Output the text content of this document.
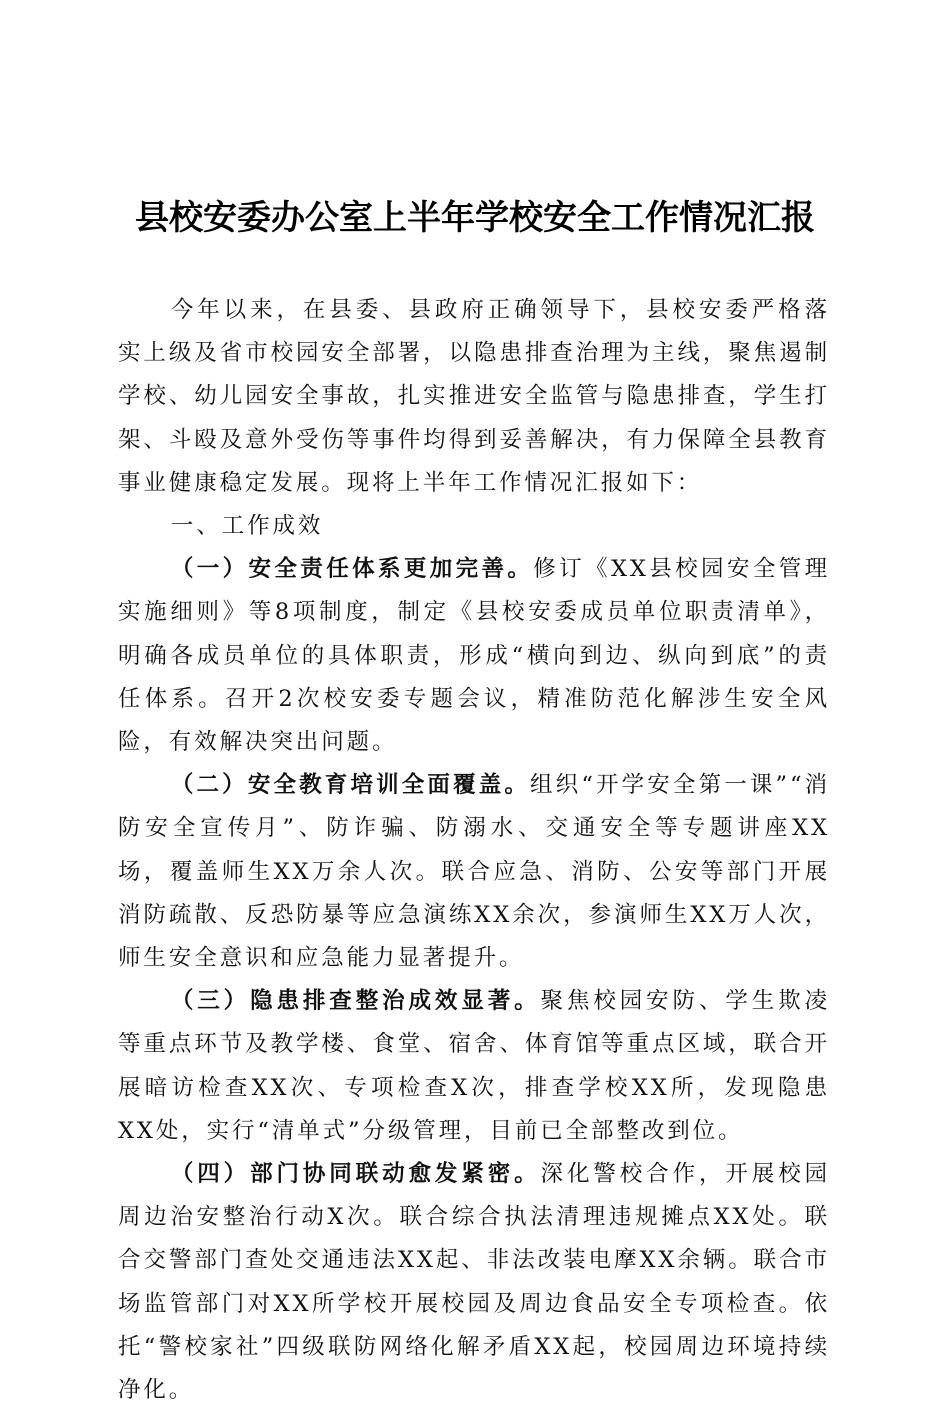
县校安委办公室上半年学校安全工作情况汇报

今年以来，在县委、县政府正确领导下，县校安委严格落实上级及省市校园安全部署，以隐患排查治理为主线，聚焦遏制学校、幼儿园安全事故，扎实推进安全监管与隐患排查，学生打架、斗殴及意外受伤等事件均得到妥善解决，有力保障全县教育事业健康稳定发展。现将上半年工作情况汇报如下：

一、工作成效

（一）安全责任体系更加完善。修订《XX县校园安全管理实施细则》等8项制度，制定《县校安委成员单位职责清单》，明确各成员单位的具体职责，形成“横向到边、纵向到底”的责任体系。召开2次校安委专题会议，精准防范化解涉生安全风险，有效解决突出问题。

（二）安全教育培训全面覆盖。组织“开学安全第一课”“消防安全宣传月”、防诈骗、防溺水、交通安全等专题讲座XX场，覆盖师生XX万余人次。联合应急、消防、公安等部门开展消防疏散、反恐防暴等应急演练XX余次，参演师生XX万人次，师生安全意识和应急能力显著提升。

（三）隐患排查整治成效显著。聚焦校园安防、学生欺凌等重点环节及教学楼、食堂、宿舍、体育馆等重点区域，联合开展暗访检查XX次、专项检查X次，排查学校XX所，发现隐患XX处，实行“清单式”分级管理，目前已全部整改到位。

（四）部门协同联动愈发紧密。深化警校合作，开展校园周边治安整治行动X次。联合综合执法清理违规摊点XX处。联合交警部门查处交通违法XX起、非法改装电摩XX余辆。联合市场监管部门对XX所学校开展校园及周边食品安全专项检查。依托“警校家社”四级联防网络化解矛盾XX起，校园周边环境持续净化。
